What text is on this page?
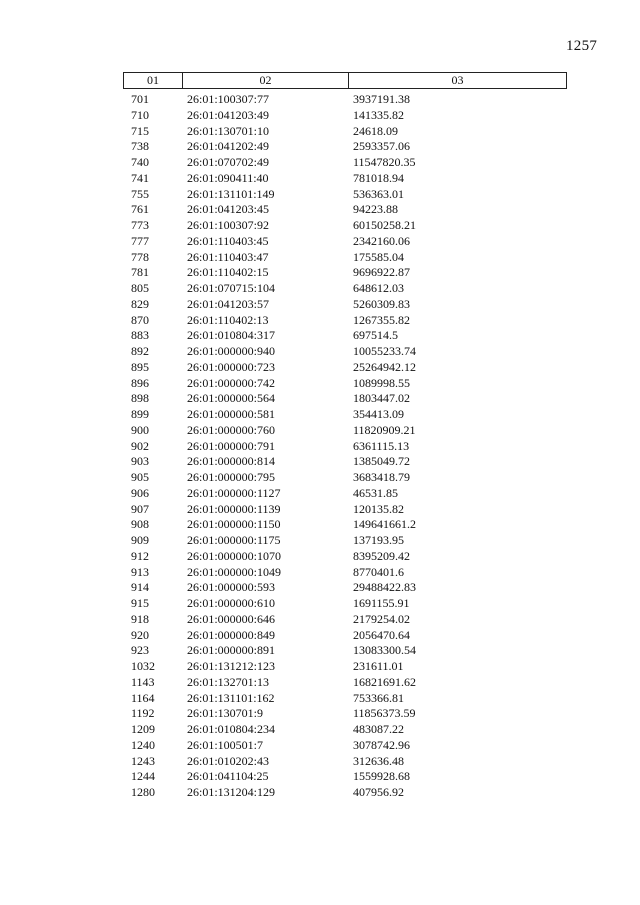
1257
01	02	03
701	26:01:100307:77	3937191.38
710	26:01:041203:49	141335.82
715	26:01:130701:10	24618.09
738	26:01:041202:49	2593357.06
740	26:01:070702:49	11547820.35
741	26:01:090411:40	781018.94
755	26:01:131101:149	536363.01
761	26:01:041203:45	94223.88
773	26:01:100307:92	60150258.21
777	26:01:110403:45	2342160.06
778	26:01:110403:47	175585.04
781	26:01:110402:15	9696922.87
805	26:01:070715:104	648612.03
829	26:01:041203:57	5260309.83
870	26:01:110402:13	1267355.82
883	26:01:010804:317	697514.5
892	26:01:000000:940	10055233.74
895	26:01:000000:723	25264942.12
896	26:01:000000:742	1089998.55
898	26:01:000000:564	1803447.02
899	26:01:000000:581	354413.09
900	26:01:000000:760	11820909.21
902	26:01:000000:791	6361115.13
903	26:01:000000:814	1385049.72
905	26:01:000000:795	3683418.79
906	26:01:000000:1127	46531.85
907	26:01:000000:1139	120135.82
908	26:01:000000:1150	149641661.2
909	26:01:000000:1175	137193.95
912	26:01:000000:1070	8395209.42
913	26:01:000000:1049	8770401.6
914	26:01:000000:593	29488422.83
915	26:01:000000:610	1691155.91
918	26:01:000000:646	2179254.02
920	26:01:000000:849	2056470.64
923	26:01:000000:891	13083300.54
1032	26:01:131212:123	231611.01
1143	26:01:132701:13	16821691.62
1164	26:01:131101:162	753366.81
1192	26:01:130701:9	11856373.59
1209	26:01:010804:234	483087.22
1240	26:01:100501:7	3078742.96
1243	26:01:010202:43	312636.48
1244	26:01:041104:25	1559928.68
1280	26:01:131204:129	407956.92
